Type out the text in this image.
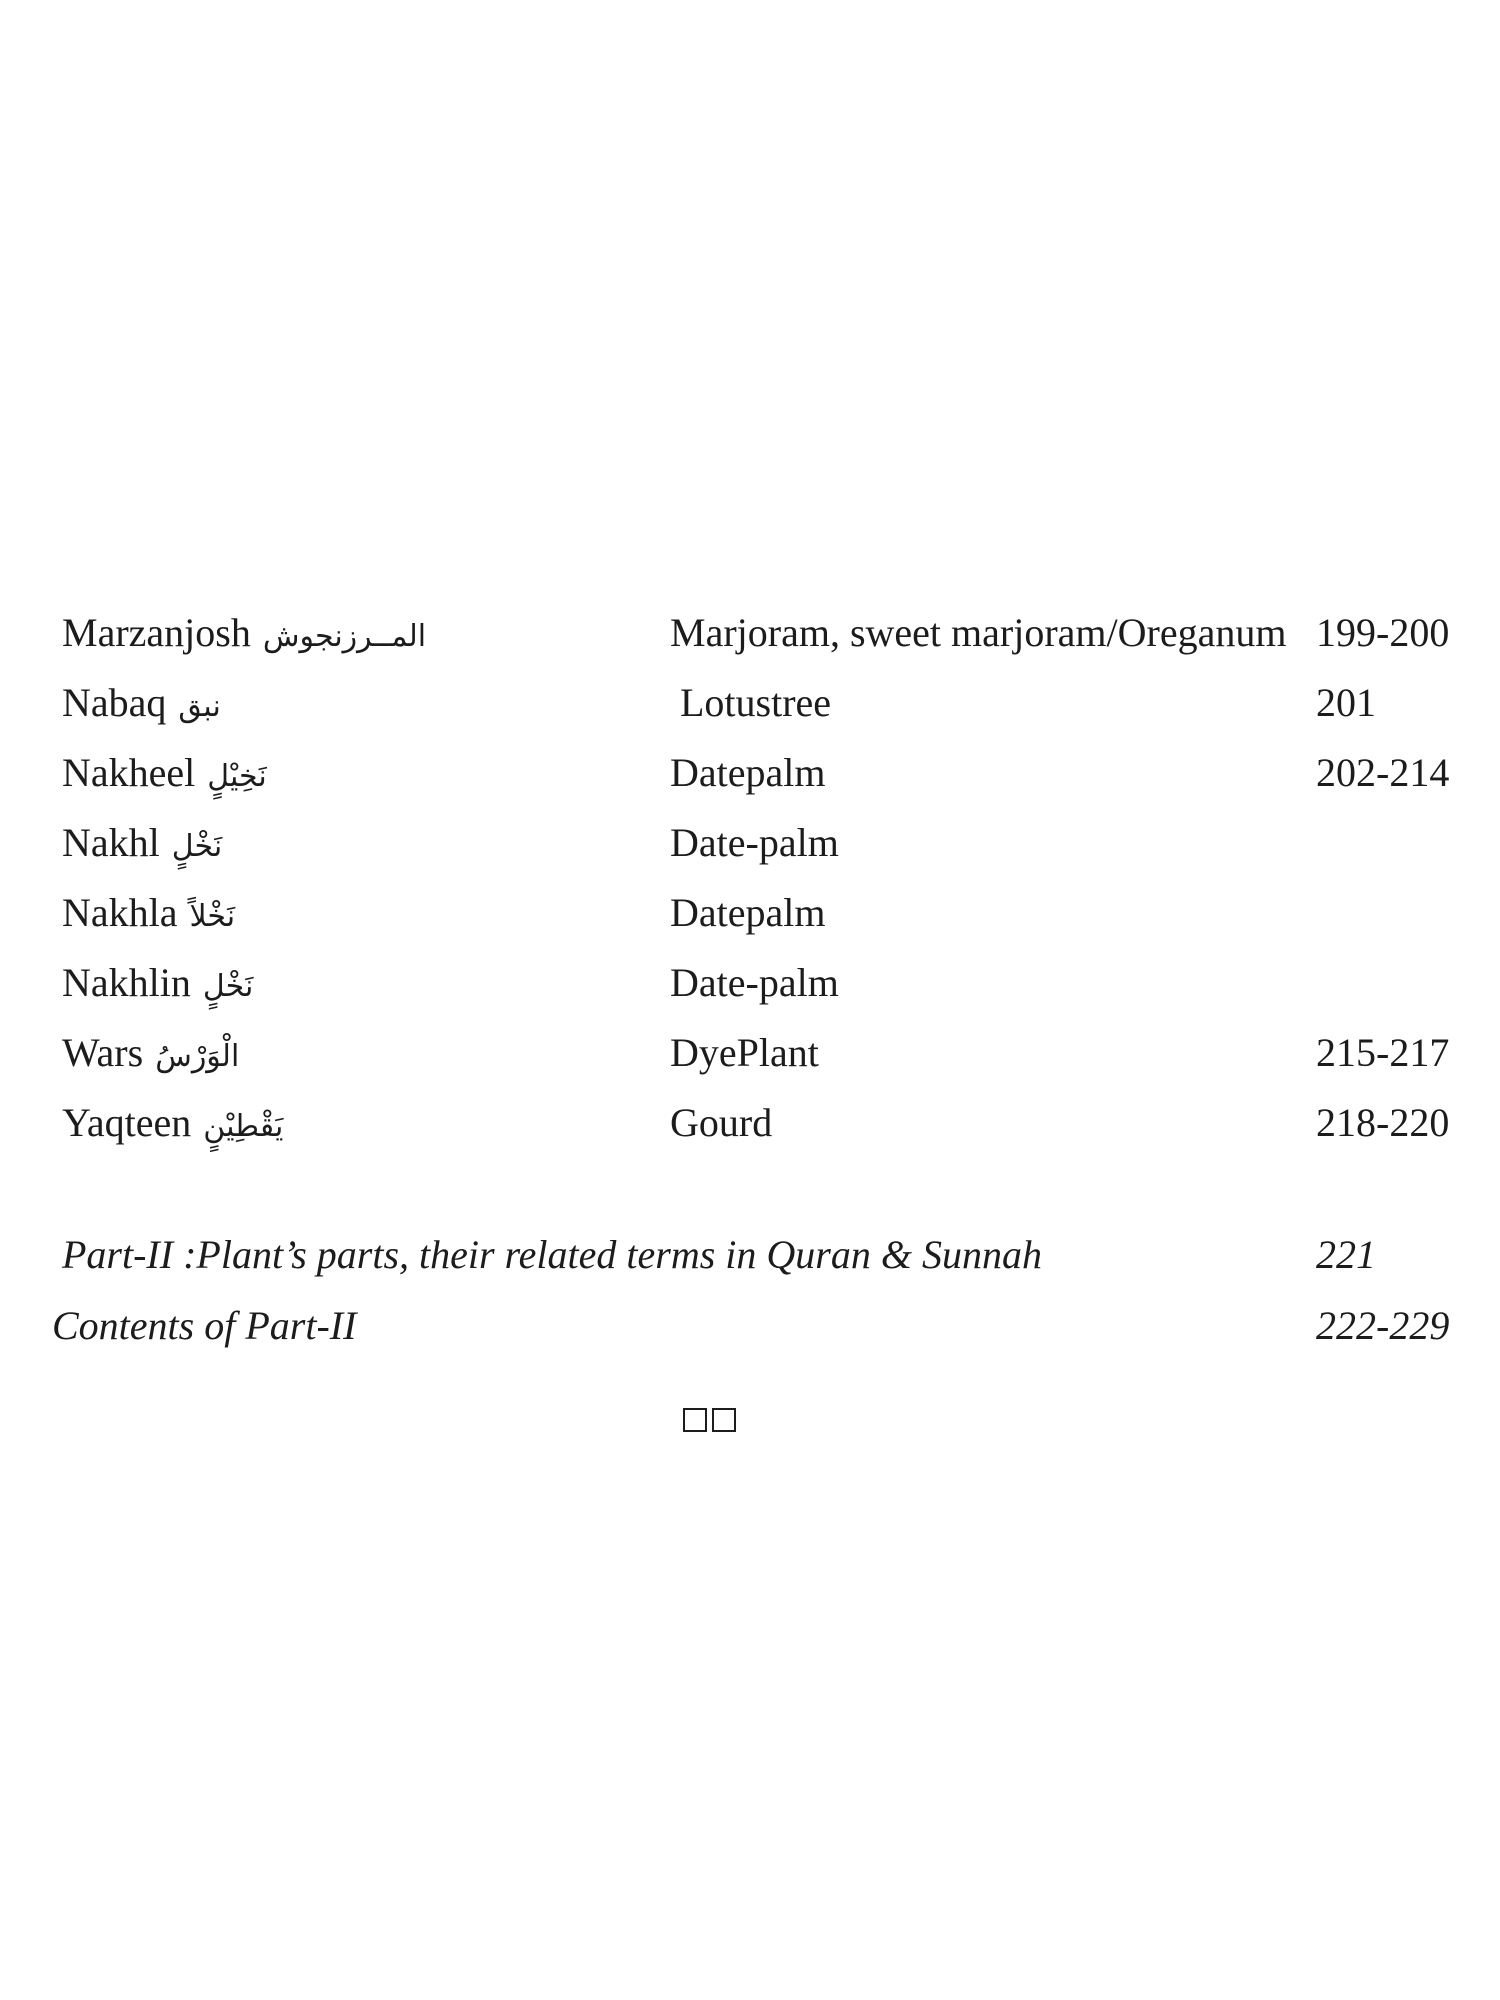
Marzanjosh المــرزنجوش	Marjoram, sweet marjoram/Oreganum 199-200
Nabaq نبق	Lotustree	201
Nakheel نَخِيْلٍ	Datepalm	202-214
Nakhl نَخْلٍ	Date-palm
Nakhla نَخْلاً	Datepalm
Nakhlin نَخْلٍ	Date-palm
Wars الْوَرْسُ	DyePlant	215-217
Yaqteen يَقْطِيْنٍ	Gourd	218-220
Part-II :Plant’s parts, their related terms in Quran & Sunnah	221
Contents of Part-II	222-229
